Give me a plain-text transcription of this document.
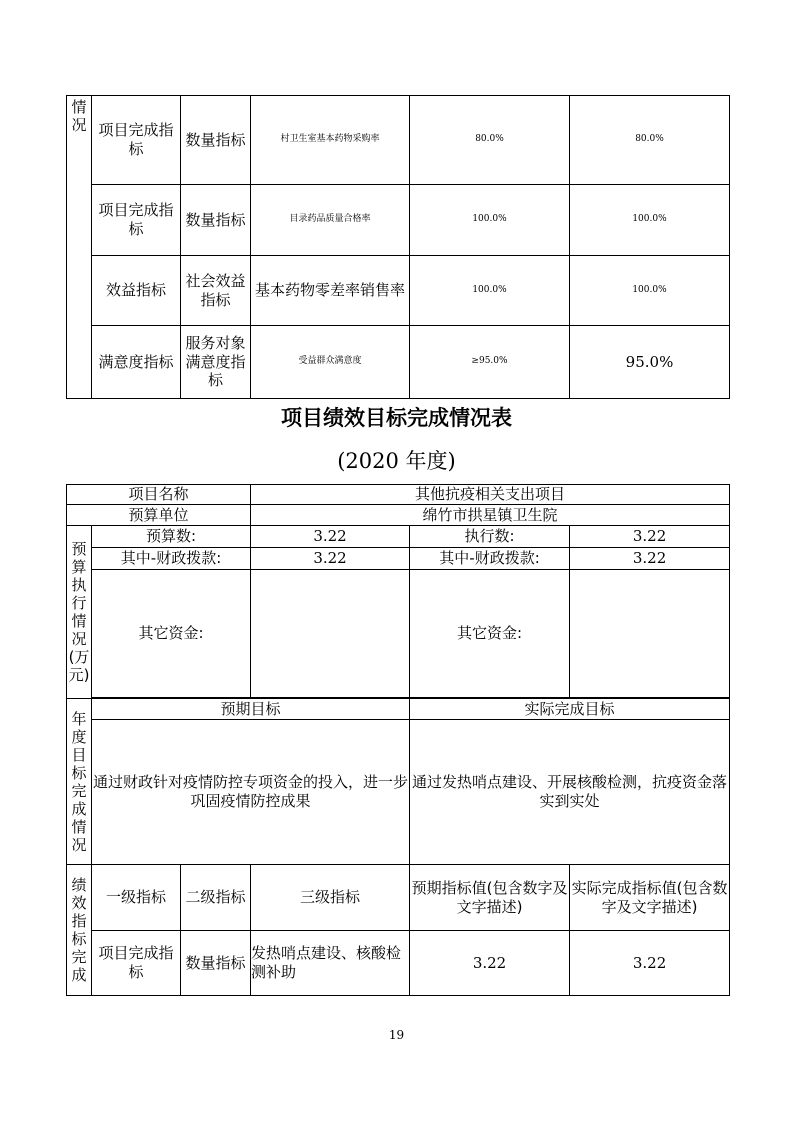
情况	项目完成指标	数量指标	村卫生室基本药物采购率	80.0%	80.0%
	项目完成指标	数量指标	目录药品质量合格率	100.0%	100.0%
	效益指标	社会效益指标	基本药物零差率销售率	100.0%	100.0%
	满意度指标	服务对象满意度指标	受益群众满意度	≥95.0%	95.0%
项目绩效目标完成情况表
(2020 年度)
项目名称			其他抗疫相关支出项目		
预算单位			绵竹市拱星镇卫生院		
预算执行情况(万元)	预算数:		3.22	执行数:	3.22
	其中-财政拨款:		3.22	其中-财政拨款:	3.22
	其它资金:			其它资金:	

年度目标完成情况	预期目标			实际完成目标	
	通过财政针对疫情防控专项资金的投入，进一步巩固疫情防控成果			通过发热哨点建设、开展核酸检测，抗疫资金落实到实处	
绩效指标完成	一级指标	二级指标	三级指标	预期指标值(包含数字及文字描述)	实际完成指标值(包含数字及文字描述)
	项目完成指标	数量指标	发热哨点建设、核酸检测补助	3.22	3.22
19
